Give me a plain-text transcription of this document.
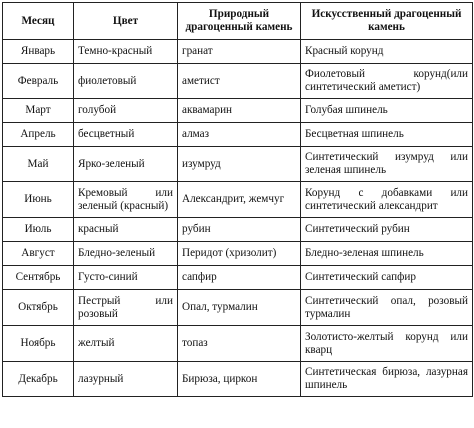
Месяц	Цвет	Природный драгоценный камень	Искусственный драгоценный камень
Январь	Темно-красный	гранат	Красный корунд
Февраль	фиолетовый	аметист	Фиолетовый корунд(или синтетический аметист)
Март	голубой	аквамарин	Голубая шпинель
Апрель	бесцветный	алмаз	Бесцветная шпинель
Май	Ярко-зеленый	изумруд	Синтетический изумруд или зеленая шпинель
Июнь	Кремовый или зеленый (красный)	Александрит, жемчуг	Корунд с добавками или синтетический александрит
Июль	красный	рубин	Синтетический рубин
Август	Бледно-зеленый	Перидот (хризолит)	Бледно-зеленая шпинель
Сентябрь	Густо-синий	сапфир	Синтетический сапфир
Октябрь	Пестрый или розовый	Опал, турмалин	Синтетический опал, розовый турмалин
Ноябрь	желтый	топаз	Золотисто-желтый корунд или кварц
Декабрь	лазурный	Бирюза, циркон	Синтетическая бирюза, лазурная шпинель
